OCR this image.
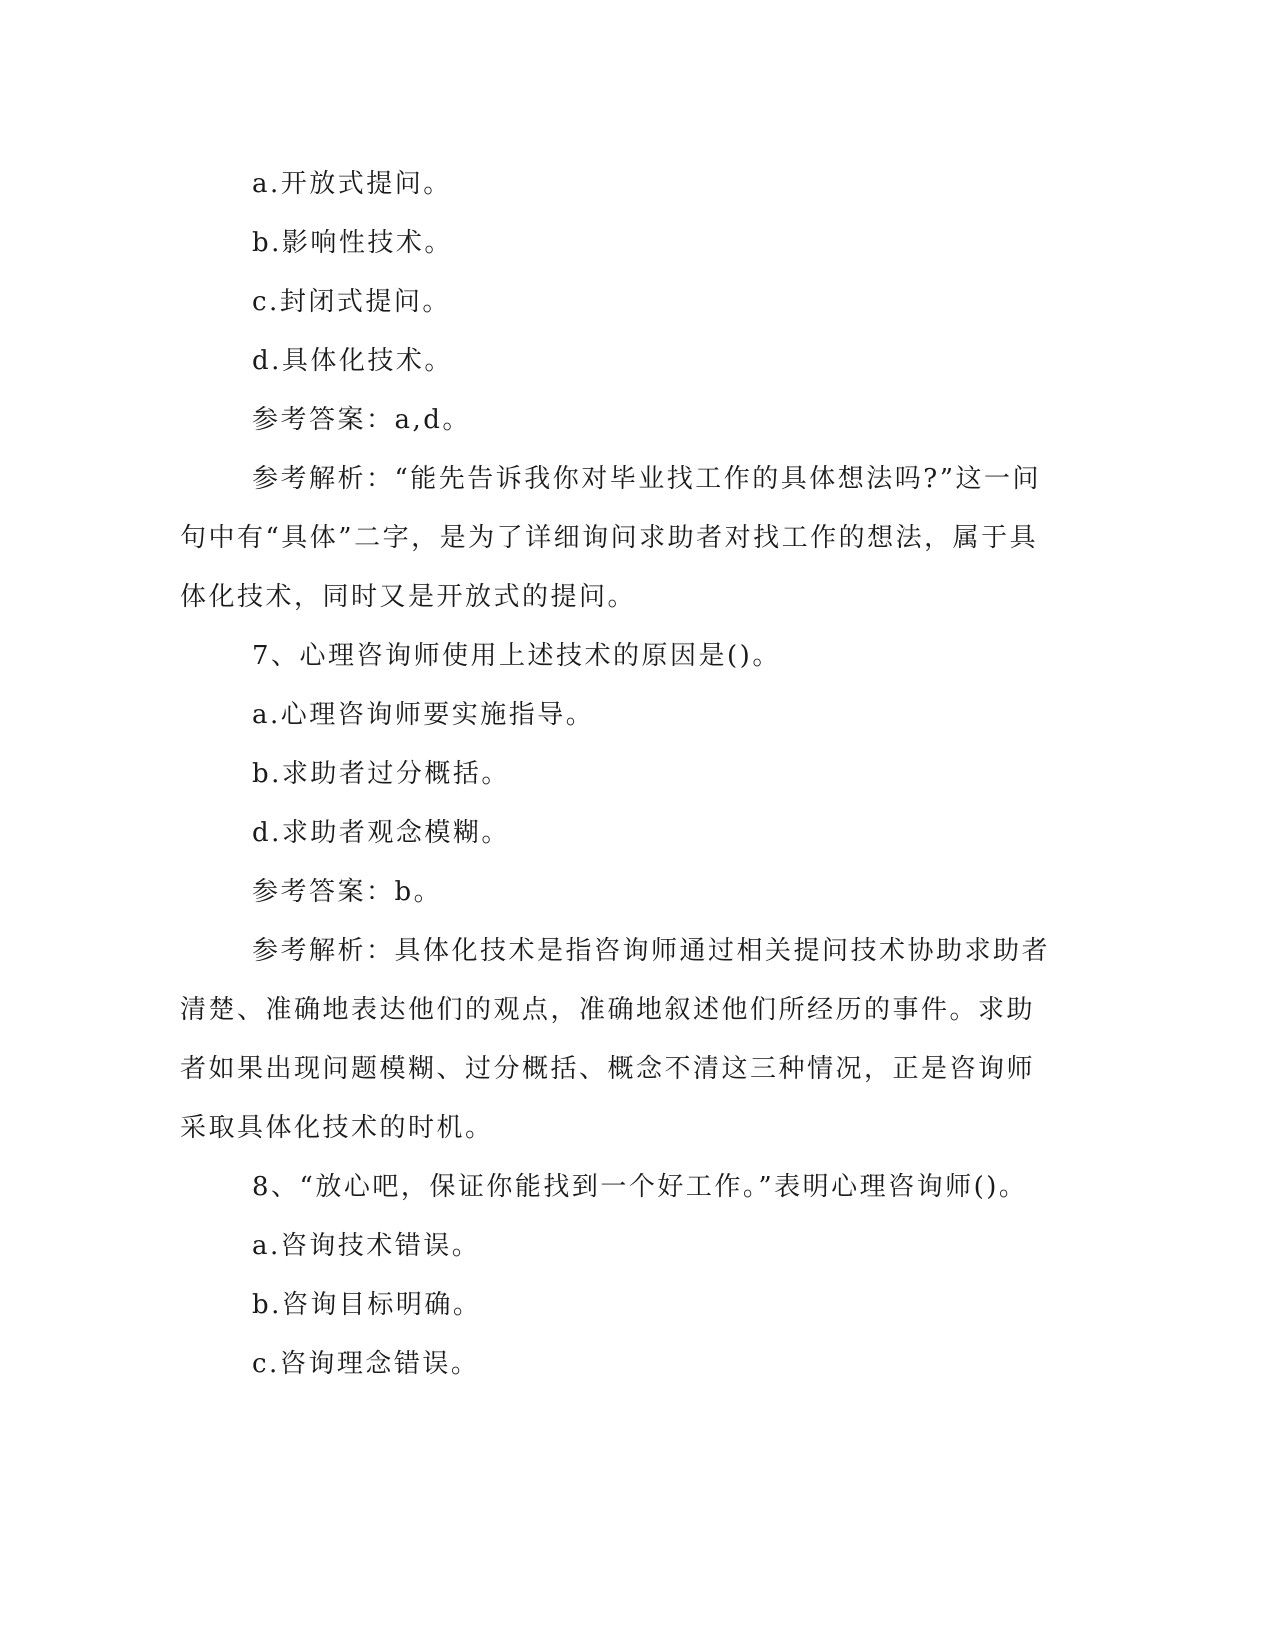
a.开放式提问。

b.影响性技术。

c.封闭式提问。

d.具体化技术。

参考答案：a,d。

参考解析：“能先告诉我你对毕业找工作的具体想法吗?”这一问

句中有“具体”二字，是为了详细询问求助者对找工作的想法，属于具

体化技术，同时又是开放式的提问。

7、心理咨询师使用上述技术的原因是()。

a.心理咨询师要实施指导。

b.求助者过分概括。

d.求助者观念模糊。

参考答案：b。

参考解析：具体化技术是指咨询师通过相关提问技术协助求助者

清楚、准确地表达他们的观点，准确地叙述他们所经历的事件。求助

者如果出现问题模糊、过分概括、概念不清这三种情况，正是咨询师

采取具体化技术的时机。

8、“放心吧，保证你能找到一个好工作。”表明心理咨询师()。

a.咨询技术错误。

b.咨询目标明确。

c.咨询理念错误。
